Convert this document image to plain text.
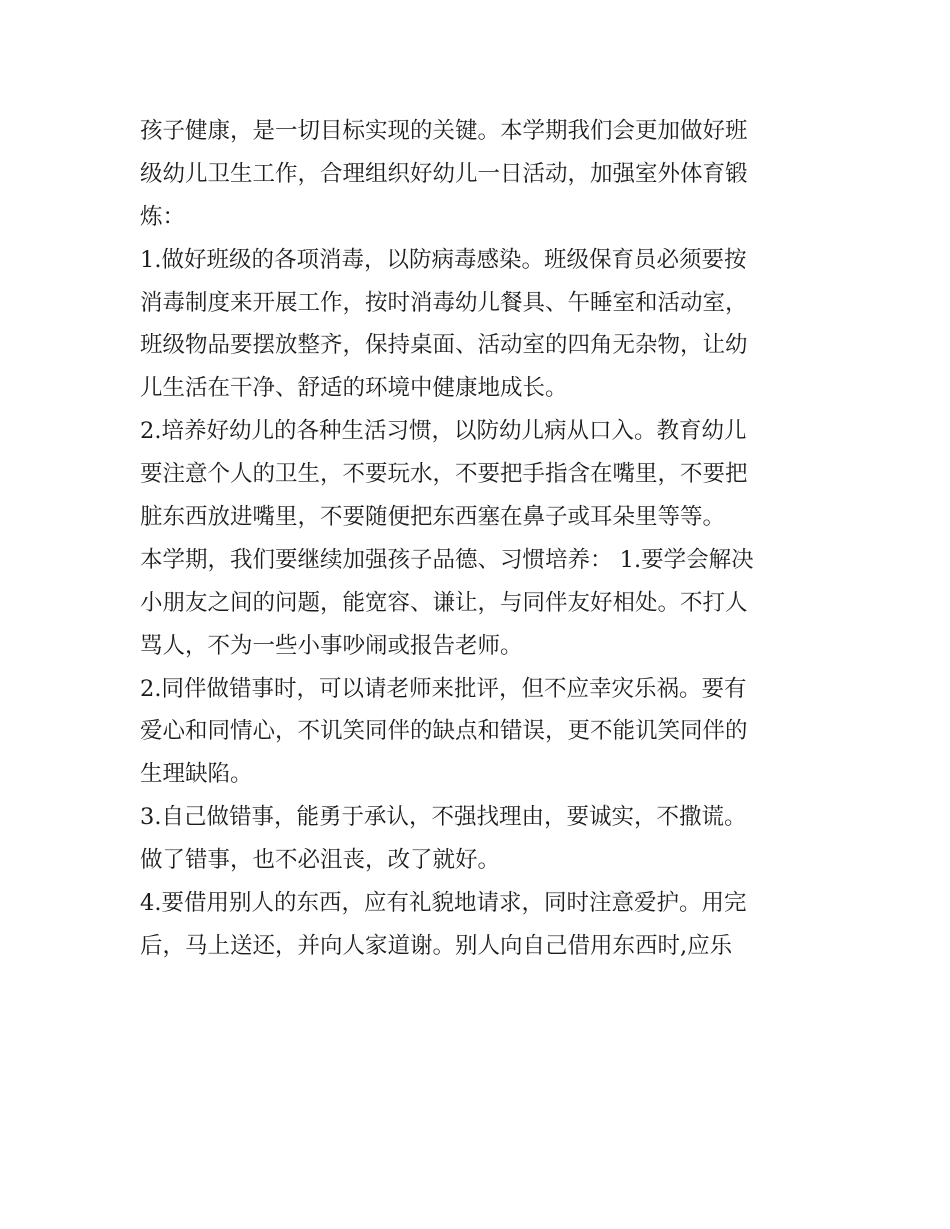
孩子健康，是一切目标实现的关键。本学期我们会更加做好班
级幼儿卫生工作，合理组织好幼儿一日活动，加强室外体育锻
炼：
1.做好班级的各项消毒，以防病毒感染。班级保育员必须要按
消毒制度来开展工作，按时消毒幼儿餐具、午睡室和活动室，
班级物品要摆放整齐，保持桌面、活动室的四角无杂物，让幼
儿生活在干净、舒适的环境中健康地成长。
2.培养好幼儿的各种生活习惯，以防幼儿病从口入。教育幼儿
要注意个人的卫生，不要玩水，不要把手指含在嘴里，不要把
脏东西放进嘴里，不要随便把东西塞在鼻子或耳朵里等等。
本学期，我们要继续加强孩子品德、习惯培养： 1.要学会解决
小朋友之间的问题，能宽容、谦让，与同伴友好相处。不打人
骂人，不为一些小事吵闹或报告老师。
2.同伴做错事时，可以请老师来批评，但不应幸灾乐祸。要有
爱心和同情心，不讥笑同伴的缺点和错误，更不能讥笑同伴的
生理缺陷。
3.自己做错事，能勇于承认，不强找理由，要诚实，不撒谎。
做了错事，也不必沮丧，改了就好。
4.要借用别人的东西，应有礼貌地请求，同时注意爱护。用完
后，马上送还，并向人家道谢。别人向自己借用东西时,应乐
